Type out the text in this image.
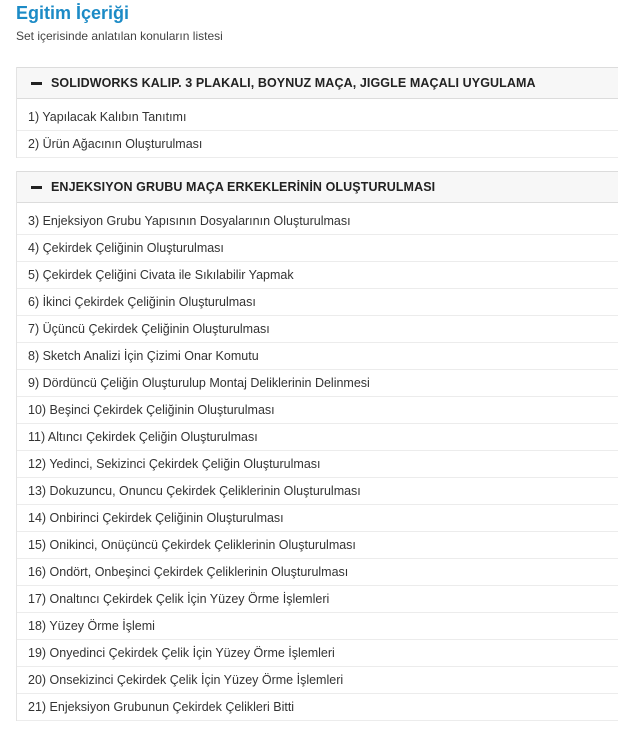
Egitim İçeriği

Set içerisinde anlatılan konuların listesi

SOLIDWORKS KALIP. 3 PLAKALI, BOYNUZ MAÇA, JIGGLE MAÇALI UYGULAMA
1) Yapılacak Kalıbın Tanıtımı
2) Ürün Ağacının Oluşturulması
ENJEKSIYON GRUBU MAÇA ERKEKLERİNİN OLUŞTURULMASI
3) Enjeksiyon Grubu Yapısının Dosyalarının Oluşturulması
4) Çekirdek Çeliğinin Oluşturulması
5) Çekirdek Çeliğini Civata ile Sıkılabilir Yapmak
6) İkinci Çekirdek Çeliğinin Oluşturulması
7) Üçüncü Çekirdek Çeliğinin Oluşturulması
8) Sketch Analizi İçin Çizimi Onar Komutu
9) Dördüncü Çeliğin Oluşturulup Montaj Deliklerinin Delinmesi
10) Beşinci Çekirdek Çeliğinin Oluşturulması
11) Altıncı Çekirdek Çeliğin Oluşturulması
12) Yedinci, Sekizinci Çekirdek Çeliğin Oluşturulması
13) Dokuzuncu, Onuncu Çekirdek Çeliklerinin Oluşturulması
14) Onbirinci Çekirdek Çeliğinin Oluşturulması
15) Onikinci, Onüçüncü Çekirdek Çeliklerinin Oluşturulması
16) Ondört, Onbeşinci Çekirdek Çeliklerinin Oluşturulması
17) Onaltıncı Çekirdek Çelik İçin Yüzey Örme İşlemleri
18) Yüzey Örme İşlemi
19) Onyedinci Çekirdek Çelik İçin Yüzey Örme İşlemleri
20) Onsekizinci Çekirdek Çelik İçin Yüzey Örme İşlemleri
21) Enjeksiyon Grubunun Çekirdek Çelikleri Bitti
